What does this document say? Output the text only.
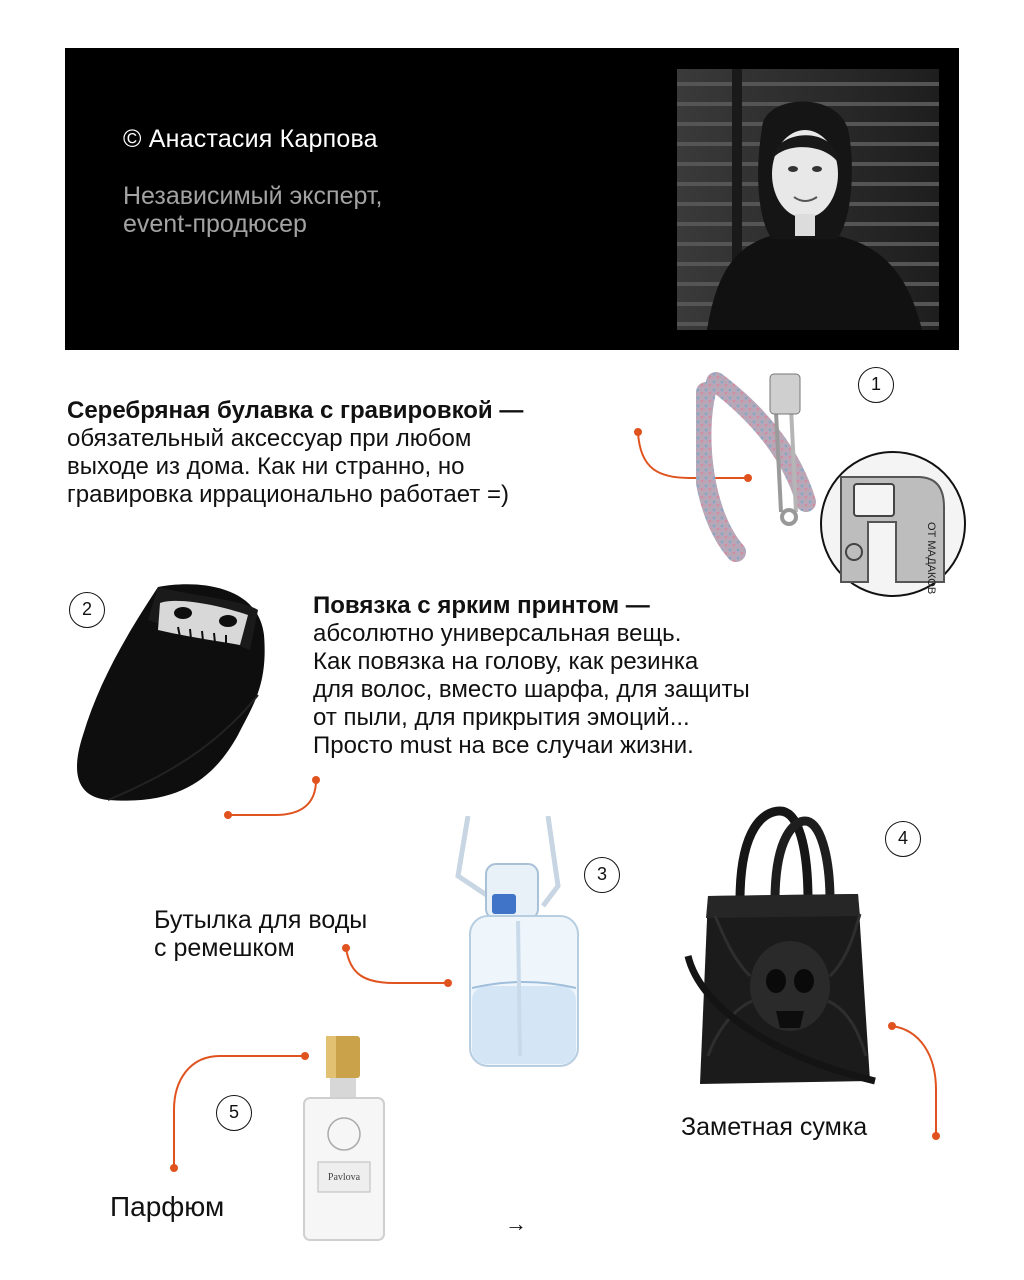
© Анастасия Карпова
Независимый эксперт,
event-продюсер
Серебряная булавка с гравировкой —
обязательный аксессуар при любом
выходе из дома. Как ни странно, но
гравировка иррационально работает =)
1
ОТ МАДАКОВ
2	Повязка с ярким принтом —
абсолютно универсальная вещь.
Как повязка на голову, как резинка
для волос, вместо шарфа, для защиты
от пыли, для прикрытия эмоций...
Просто must на все случаи жизни.
Бутылка для воды
с ремешком
3
4
Заметная сумка
5
Pavlova
Парфюм
→
